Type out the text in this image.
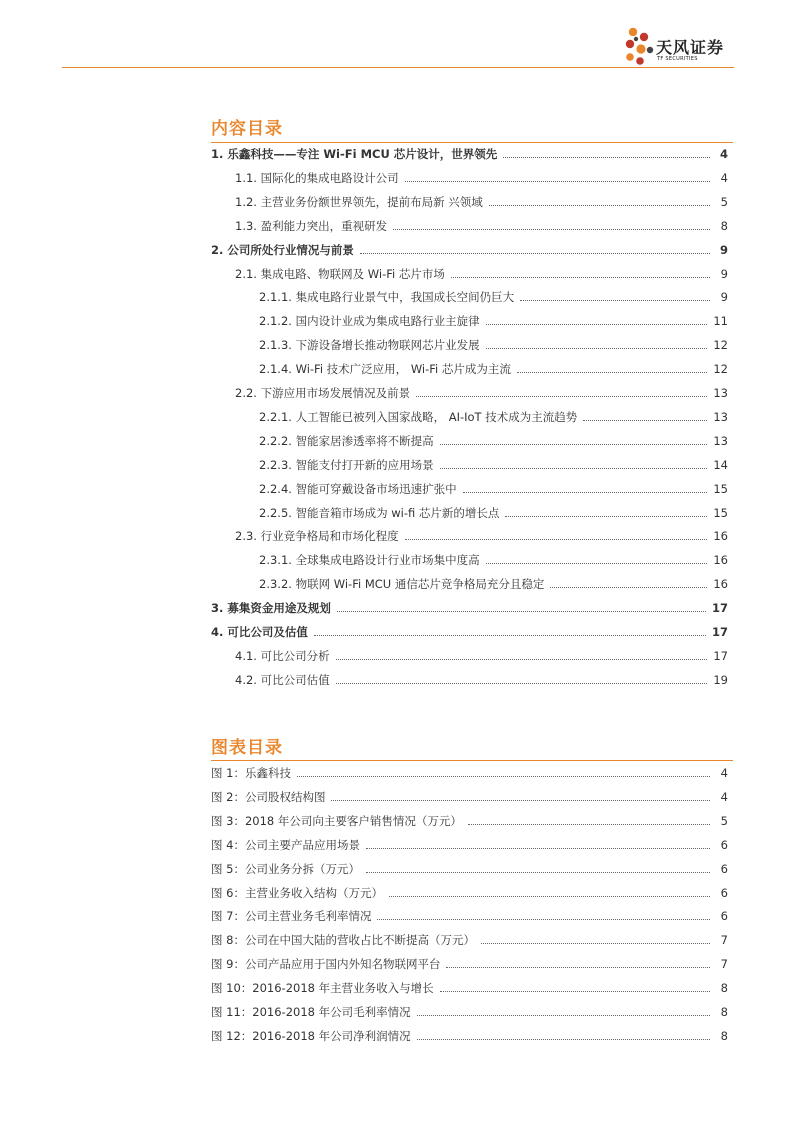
天风证券
TF SECURITIES
内容目录
1. 乐鑫科技——专注 Wi-Fi MCU 芯片设计，世界领先	4
1.1. 国际化的集成电路设计公司	4
1.2. 主营业务份额世界领先，提前布局新 兴领域	5
1.3. 盈利能力突出，重视研发	8
2. 公司所处行业情况与前景	9
2.1. 集成电路、物联网及 Wi-Fi 芯片市场	9
2.1.1. 集成电路行业景气中，我国成长空间仍巨大	9
2.1.2. 国内设计业成为集成电路行业主旋律	11
2.1.3. 下游设备增长推动物联网芯片业发展	12
2.1.4. Wi-Fi 技术广泛应用， Wi-Fi 芯片成为主流	12
2.2. 下游应用市场发展情况及前景	13
2.2.1. 人工智能已被列入国家战略， AI-IoT 技术成为主流趋势	13
2.2.2. 智能家居渗透率将不断提高	13
2.2.3. 智能支付打开新的应用场景	14
2.2.4. 智能可穿戴设备市场迅速扩张中	15
2.2.5. 智能音箱市场成为 wi-fi 芯片新的增长点	15
2.3. 行业竞争格局和市场化程度	16
2.3.1. 全球集成电路设计行业市场集中度高	16
2.3.2. 物联网 Wi-Fi MCU 通信芯片竞争格局充分且稳定	16
3. 募集资金用途及规划	17
4. 可比公司及估值	17
4.1. 可比公司分析	17
4.2. 可比公司估值	19
图表目录
图 1：乐鑫科技	4
图 2：公司股权结构图	4
图 3：2018 年公司向主要客户销售情况（万元）	5
图 4：公司主要产品应用场景	6
图 5：公司业务分拆（万元）	6
图 6：主营业务收入结构（万元）	6
图 7：公司主营业务毛利率情况	6
图 8：公司在中国大陆的营收占比不断提高（万元）	7
图 9：公司产品应用于国内外知名物联网平台	7
图 10：2016-2018 年主营业务收入与增长	8
图 11：2016-2018 年公司毛利率情况	8
图 12：2016-2018 年公司净利润情况	8
